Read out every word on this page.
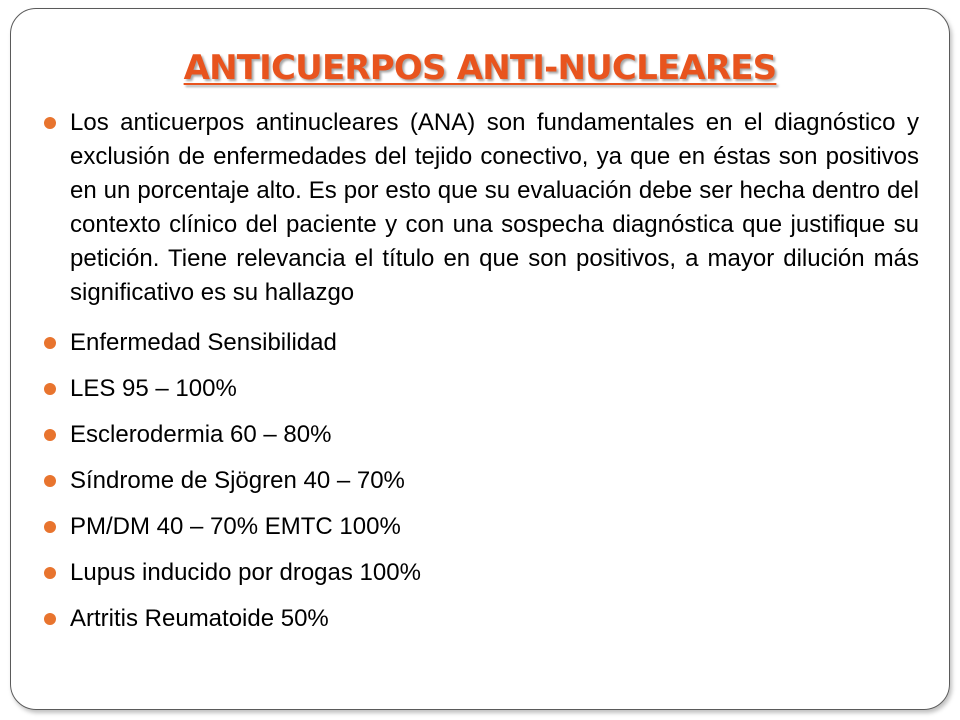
ANTICUERPOS ANTI-NUCLEARES
Los anticuerpos antinucleares (ANA) son fundamentales en el diagnóstico y exclusión de enfermedades del tejido conectivo, ya que en éstas son positivos en un porcentaje alto. Es por esto que su evaluación debe ser hecha dentro del contexto clínico del paciente y con una sospecha diagnóstica que justifique su petición. Tiene relevancia el título en que son positivos, a mayor dilución más significativo es su hallazgo
Enfermedad Sensibilidad
LES 95 – 100%
Esclerodermia 60 – 80%
Síndrome de Sjögren 40 – 70%
PM/DM 40 – 70% EMTC 100%
Lupus inducido por drogas 100%
Artritis Reumatoide 50%
